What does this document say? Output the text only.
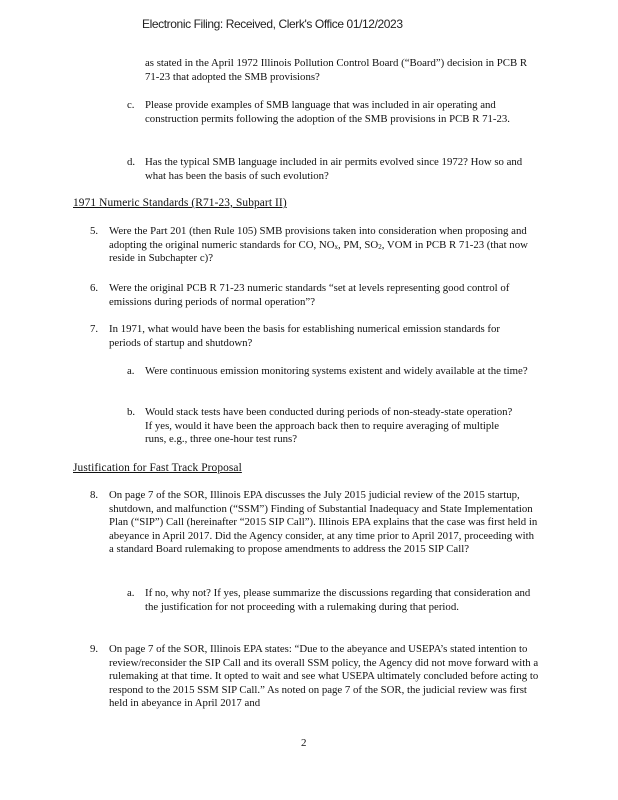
Electronic Filing: Received, Clerk's Office 01/12/2023

as stated in the April 1972 Illinois Pollution Control Board (“Board”) decision in PCB R 71-23 that adopted the SMB provisions?

c. Please provide examples of SMB language that was included in air operating and construction permits following the adoption of the SMB provisions in PCB R 71-23.

d. Has the typical SMB language included in air permits evolved since 1972? How so and what has been the basis of such evolution?

1971 Numeric Standards (R71-23, Subpart II)
5. Were the Part 201 (then Rule 105) SMB provisions taken into consideration when proposing and adopting the original numeric standards for CO, $NO_x$, PM, $SO_2$, VOM in PCB R 71-23 (that now reside in Subchapter c)?

6. Were the original PCB R 71-23 numeric standards “set at levels representing good control of emissions during periods of normal operation”?

7. In 1971, what would have been the basis for establishing numerical emission standards for periods of startup and shutdown?

a. Were continuous emission monitoring systems existent and widely available at the time?

b. Would stack tests have been conducted during periods of non-steady-state operation? If yes, would it have been the approach back then to require averaging of multiple runs, e.g., three one-hour test runs?

Justification for Fast Track Proposal
8. On page 7 of the SOR, Illinois EPA discusses the July 2015 judicial review of the 2015 startup, shutdown, and malfunction (“SSM”) Finding of Substantial Inadequacy and State Implementation Plan (“SIP”) Call (hereinafter “2015 SIP Call”). Illinois EPA explains that the case was first held in abeyance in April 2017. Did the Agency consider, at any time prior to April 2017, proceeding with a standard Board rulemaking to propose amendments to address the 2015 SIP Call?

a. If no, why not? If yes, please summarize the discussions regarding that consideration and the justification for not proceeding with a rulemaking during that period.

9. On page 7 of the SOR, Illinois EPA states: “Due to the abeyance and USEPA’s stated intention to review/reconsider the SIP Call and its overall SSM policy, the Agency did not move forward with a rulemaking at that time. It opted to wait and see what USEPA ultimately concluded before acting to respond to the 2015 SSM SIP Call.” As noted on page 7 of the SOR, the judicial review was first held in abeyance in April 2017 and

2
